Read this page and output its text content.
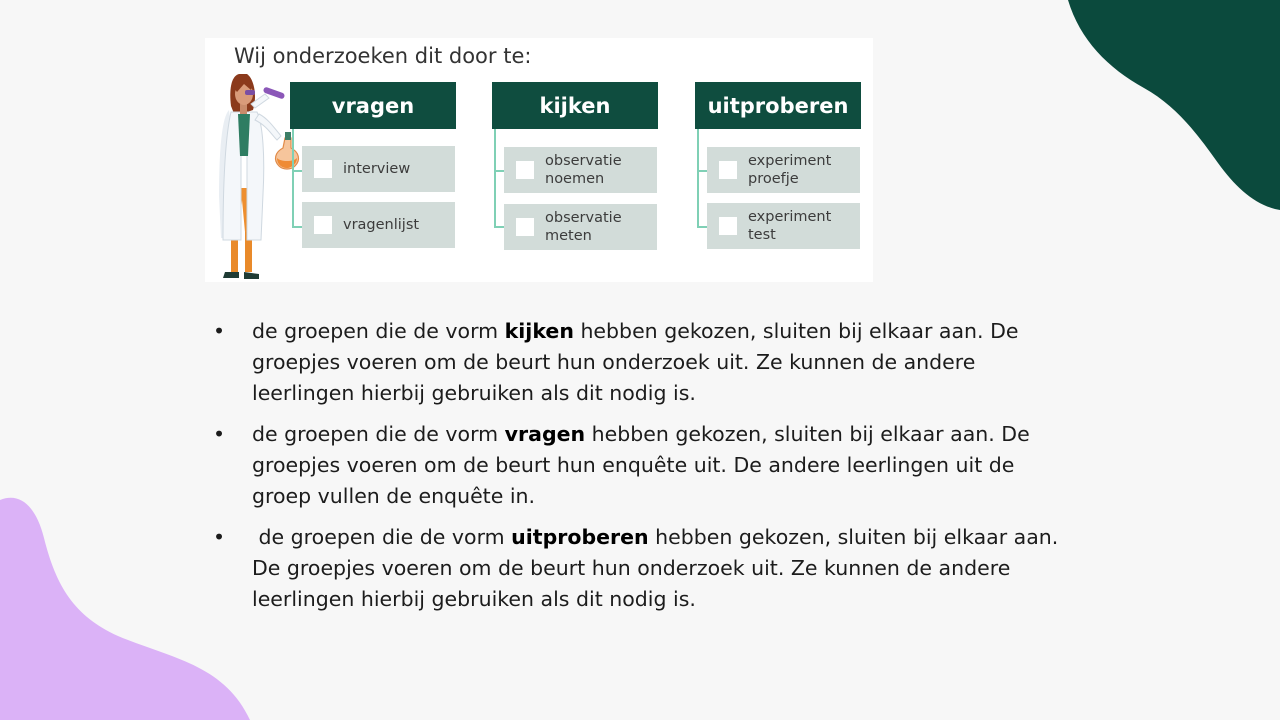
Wij onderzoeken dit door te:
vragen
interview
vragenlijst
kijken
observatie
noemen
observatie
meten
uitproberen
experiment
proefje
experiment
test
• de groepen die de vorm kijken hebben gekozen, sluiten bij elkaar aan. De groepjes voeren om de beurt hun onderzoek uit. Ze kunnen de andere leerlingen hierbij gebruiken als dit nodig is.
• de groepen die de vorm vragen hebben gekozen, sluiten bij elkaar aan. De groepjes voeren om de beurt hun enquête uit. De andere leerlingen uit de groep vullen de enquête in.
• de groepen die de vorm uitproberen hebben gekozen, sluiten bij elkaar aan. De groepjes voeren om de beurt hun onderzoek uit. Ze kunnen de andere leerlingen hierbij gebruiken als dit nodig is.
